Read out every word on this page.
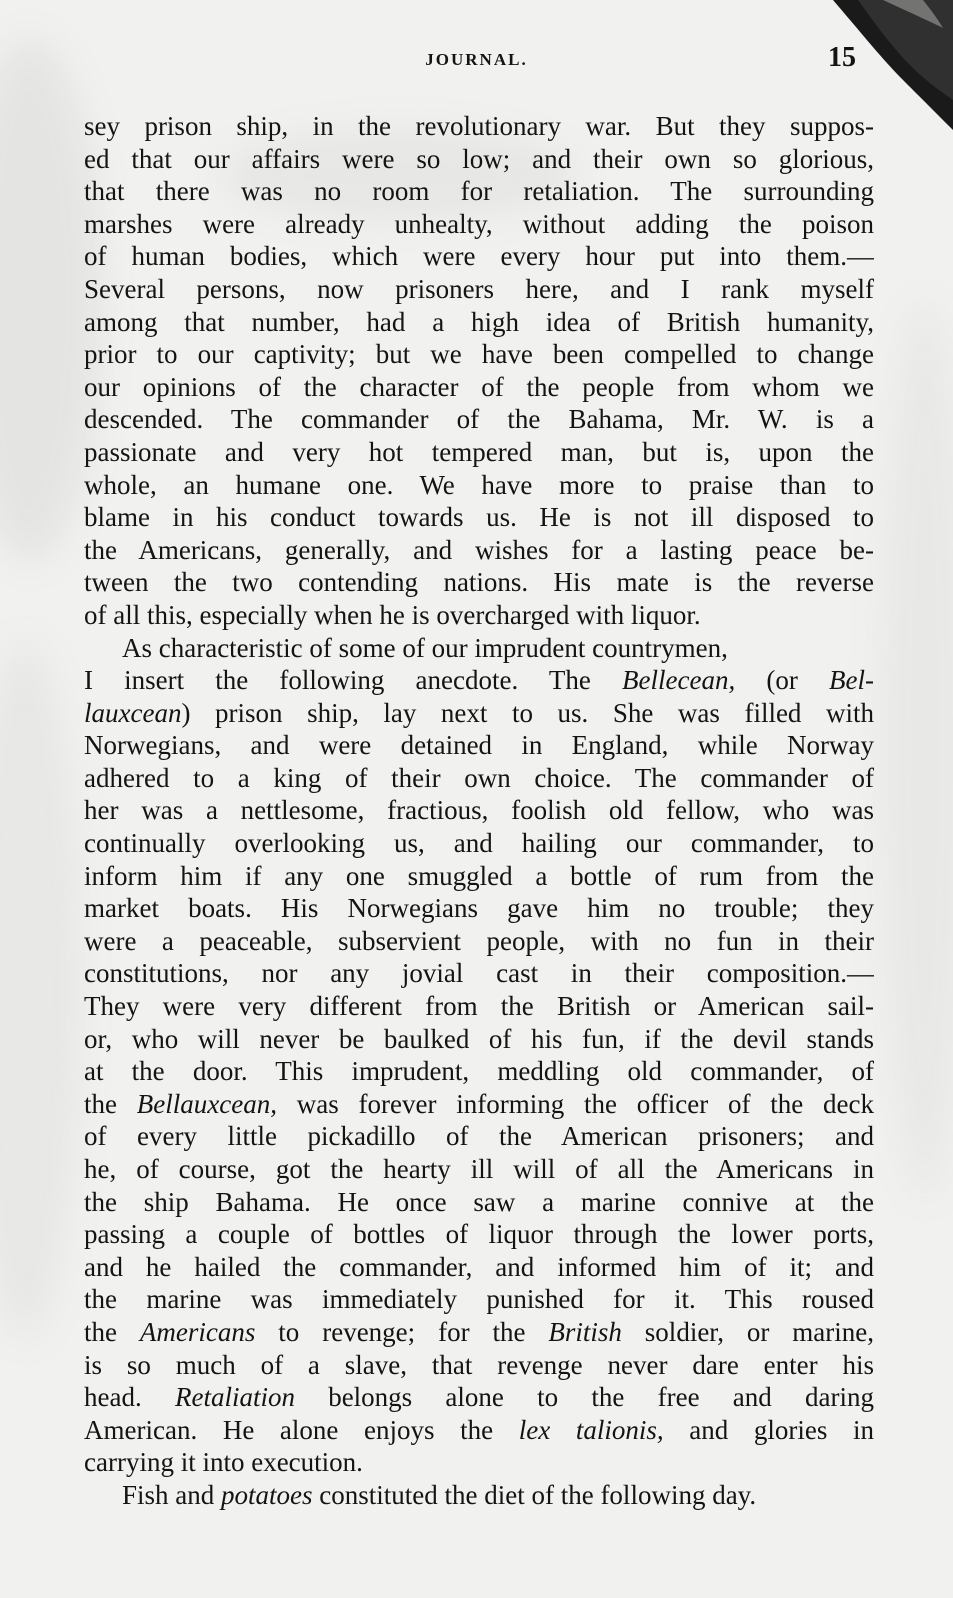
JOURNAL.	15
sey prison ship, in the revolutionary war. But they suppos-
ed that our affairs were so low; and their own so glorious,
that there was no room for retaliation. The surrounding
marshes were already unhealty, without adding the poison
of human bodies, which were every hour put into them.—
Several persons, now prisoners here, and I rank myself
among that number, had a high idea of British humanity,
prior to our captivity; but we have been compelled to change
our opinions of the character of the people from whom we
descended. The commander of the Bahama, Mr. W. is a
passionate and very hot tempered man, but is, upon the
whole, an humane one. We have more to praise than to
blame in his conduct towards us. He is not ill disposed to
the Americans, generally, and wishes for a lasting peace be-
tween the two contending nations. His mate is the reverse
of all this, especially when he is overcharged with liquor.
As characteristic of some of our imprudent countrymen,
I insert the following anecdote. The Bellecean, (or Bel-
lauxcean) prison ship, lay next to us. She was filled with
Norwegians, and were detained in England, while Norway
adhered to a king of their own choice. The commander of
her was a nettlesome, fractious, foolish old fellow, who was
continually overlooking us, and hailing our commander, to
inform him if any one smuggled a bottle of rum from the
market boats. His Norwegians gave him no trouble; they
were a peaceable, subservient people, with no fun in their
constitutions, nor any jovial cast in their composition.—
They were very different from the British or American sail-
or, who will never be baulked of his fun, if the devil stands
at the door. This imprudent, meddling old commander, of
the Bellauxcean, was forever informing the officer of the deck
of every little pickadillo of the American prisoners; and
he, of course, got the hearty ill will of all the Americans in
the ship Bahama. He once saw a marine connive at the
passing a couple of bottles of liquor through the lower ports,
and he hailed the commander, and informed him of it; and
the marine was immediately punished for it. This roused
the Americans to revenge; for the British soldier, or marine,
is so much of a slave, that revenge never dare enter his
head. Retaliation belongs alone to the free and daring
American. He alone enjoys the lex talionis, and glories in
carrying it into execution.
Fish and potatoes constituted the diet of the following day.
